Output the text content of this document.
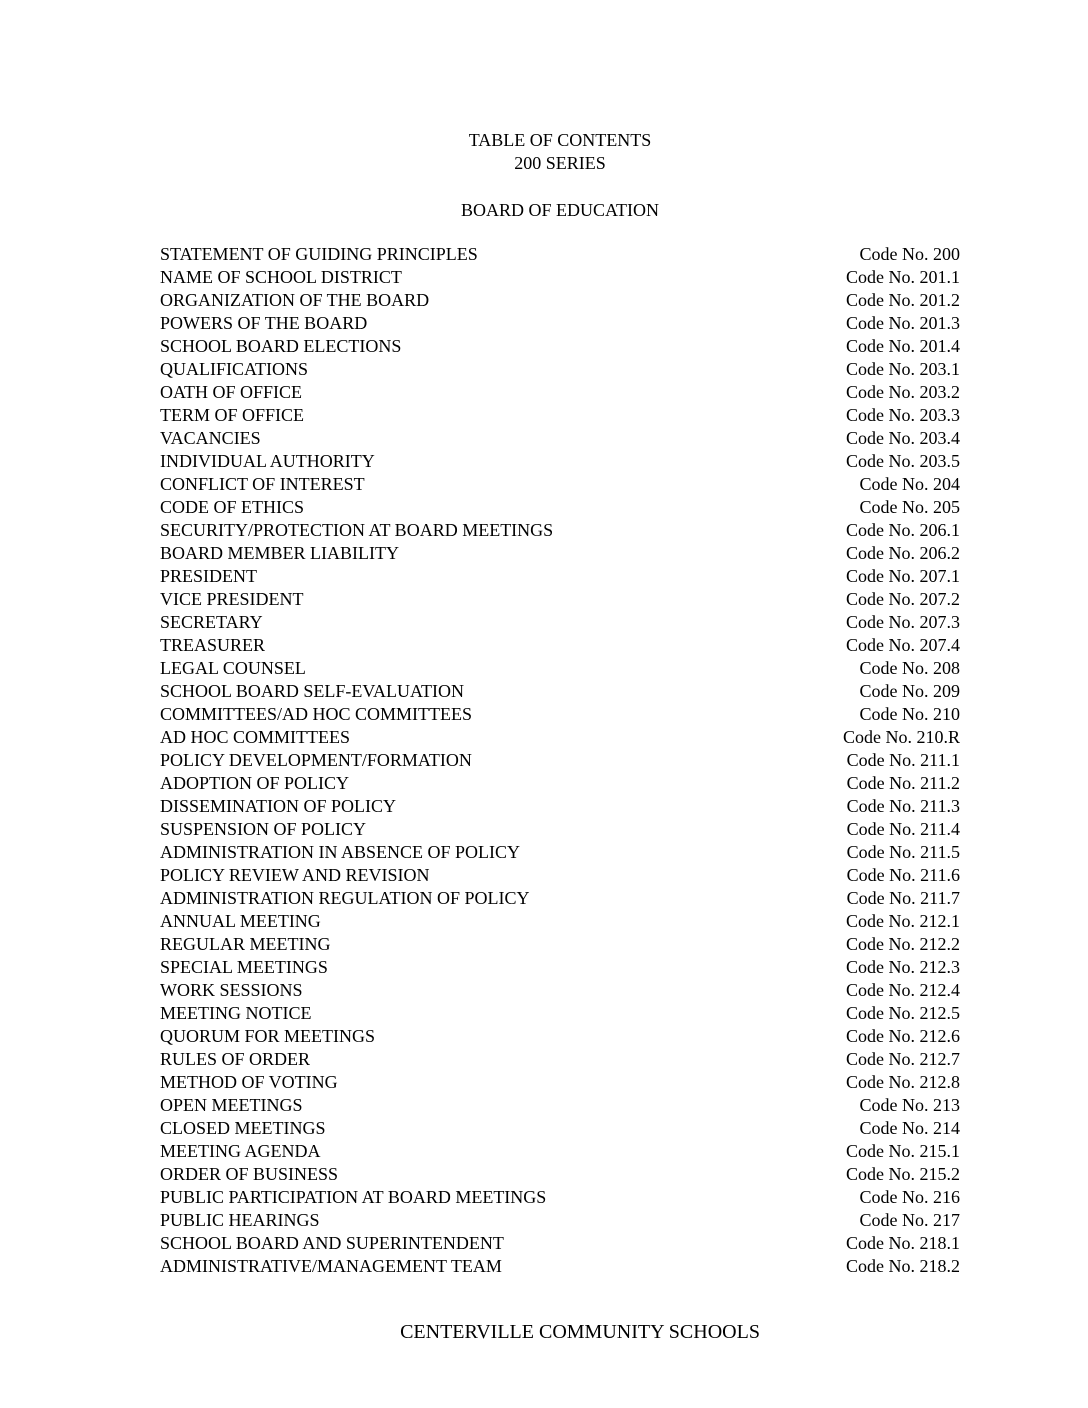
TABLE OF CONTENTS
200 SERIES
BOARD OF EDUCATION
STATEMENT OF GUIDING PRINCIPLES	Code No. 200
NAME OF SCHOOL DISTRICT	Code No. 201.1
ORGANIZATION OF THE BOARD	Code No. 201.2
POWERS OF THE BOARD	Code No. 201.3
SCHOOL BOARD ELECTIONS	Code No. 201.4
QUALIFICATIONS	Code No. 203.1
OATH OF OFFICE	Code No. 203.2
TERM OF OFFICE	Code No. 203.3
VACANCIES	Code No. 203.4
INDIVIDUAL AUTHORITY	Code No. 203.5
CONFLICT OF INTEREST	Code No. 204
CODE OF ETHICS	Code No. 205
SECURITY/PROTECTION AT BOARD MEETINGS	Code No. 206.1
BOARD MEMBER LIABILITY	Code No. 206.2
PRESIDENT	Code No. 207.1
VICE PRESIDENT	Code No. 207.2
SECRETARY	Code No. 207.3
TREASURER	Code No. 207.4
LEGAL COUNSEL	Code No. 208
SCHOOL BOARD SELF-EVALUATION	Code No. 209
COMMITTEES/AD HOC COMMITTEES	Code No. 210
AD HOC COMMITTEES	Code No. 210.R
POLICY DEVELOPMENT/FORMATION	Code No. 211.1
ADOPTION OF POLICY	Code No. 211.2
DISSEMINATION OF POLICY	Code No. 211.3
SUSPENSION OF POLICY	Code No. 211.4
ADMINISTRATION IN ABSENCE OF POLICY	Code No. 211.5
POLICY REVIEW AND REVISION	Code No. 211.6
ADMINISTRATION REGULATION OF POLICY	Code No. 211.7
ANNUAL MEETING	Code No. 212.1
REGULAR MEETING	Code No. 212.2
SPECIAL MEETINGS	Code No. 212.3
WORK SESSIONS	Code No. 212.4
MEETING NOTICE	Code No. 212.5
QUORUM FOR MEETINGS	Code No. 212.6
RULES OF ORDER	Code No. 212.7
METHOD OF VOTING	Code No. 212.8
OPEN MEETINGS	Code No. 213
CLOSED MEETINGS	Code No. 214
MEETING AGENDA	Code No. 215.1
ORDER OF BUSINESS	Code No. 215.2
PUBLIC PARTICIPATION AT BOARD MEETINGS	Code No. 216
PUBLIC HEARINGS	Code No. 217
SCHOOL BOARD AND SUPERINTENDENT	Code No. 218.1
ADMINISTRATIVE/MANAGEMENT TEAM	Code No. 218.2
CENTERVILLE COMMUNITY SCHOOLS
